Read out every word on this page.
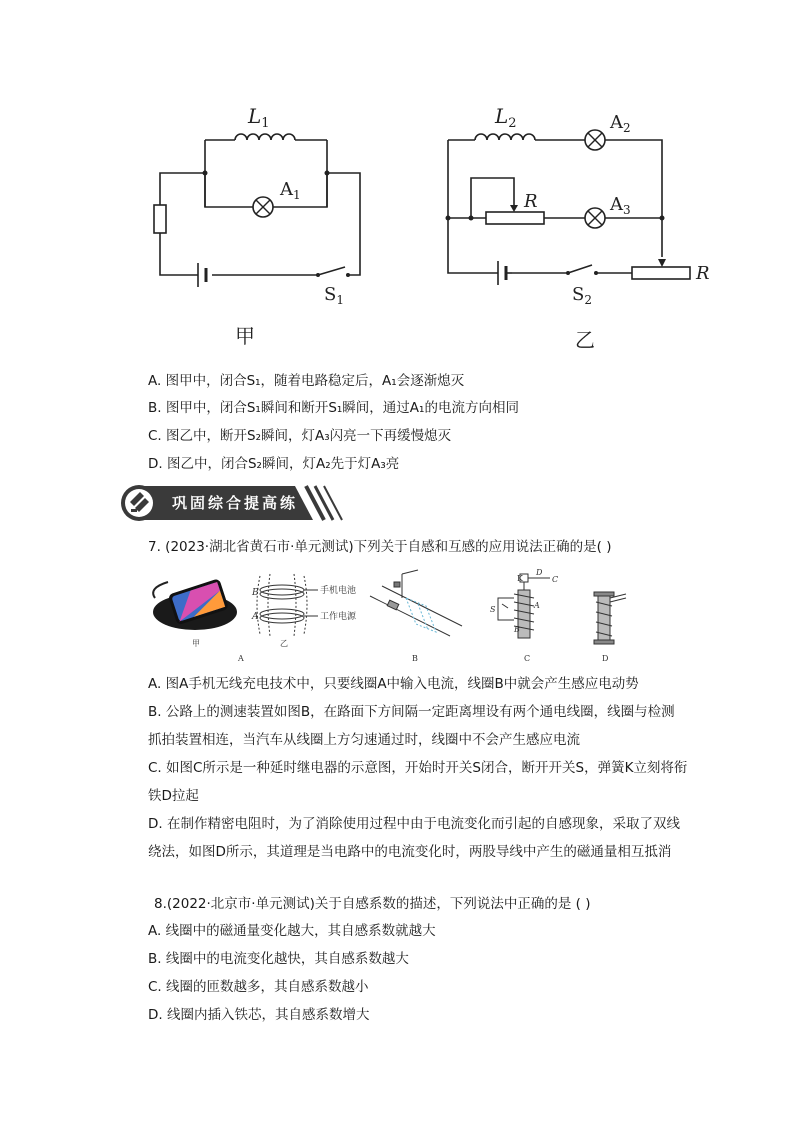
$L_1$
$A_1$
$S_1$
甲
$L_2$	$A_2$
$A_3$
R
R
$S_2$
乙
A. 图甲中，闭合S₁，随着电路稳定后，A₁会逐渐熄灭
B. 图甲中，闭合S₁瞬间和断开S₁瞬间，通过A₁的电流方向相同
C. 图乙中，断开S₂瞬间，灯A₃闪亮一下再缓慢熄灭
D. 图乙中，闭合S₂瞬间，灯A₂先于灯A₃亮
巩固综合提高练
7. (2023·湖北省黄石市·单元测试)下列关于自感和互感的应用说法正确的是( )
甲
B
A
手机电池
工作电源
乙
A	B
K
D
C
S	A
B
C	D
A. 图A手机无线充电技术中，只要线圈A中输入电流，线圈B中就会产生感应电动势
B. 公路上的测速装置如图B，在路面下方间隔一定距离埋设有两个通电线圈，线圈与检测抓拍装置相连，当汽车从线圈上方匀速通过时，线圈中不会产生感应电流
C. 如图C所示是一种延时继电器的示意图，开始时开关S闭合，断开开关S，弹簧K立刻将衔铁D拉起
D. 在制作精密电阻时，为了消除使用过程中由于电流变化而引起的自感现象，采取了双线绕法，如图D所示，其道理是当电路中的电流变化时，两股导线中产生的磁通量相互抵消
8.(2022·北京市·单元测试)关于自感系数的描述，下列说法中正确的是 ( )
A. 线圈中的磁通量变化越大，其自感系数就越大
B. 线圈中的电流变化越快，其自感系数越大
C. 线圈的匝数越多，其自感系数越小
D. 线圈内插入铁芯，其自感系数增大
